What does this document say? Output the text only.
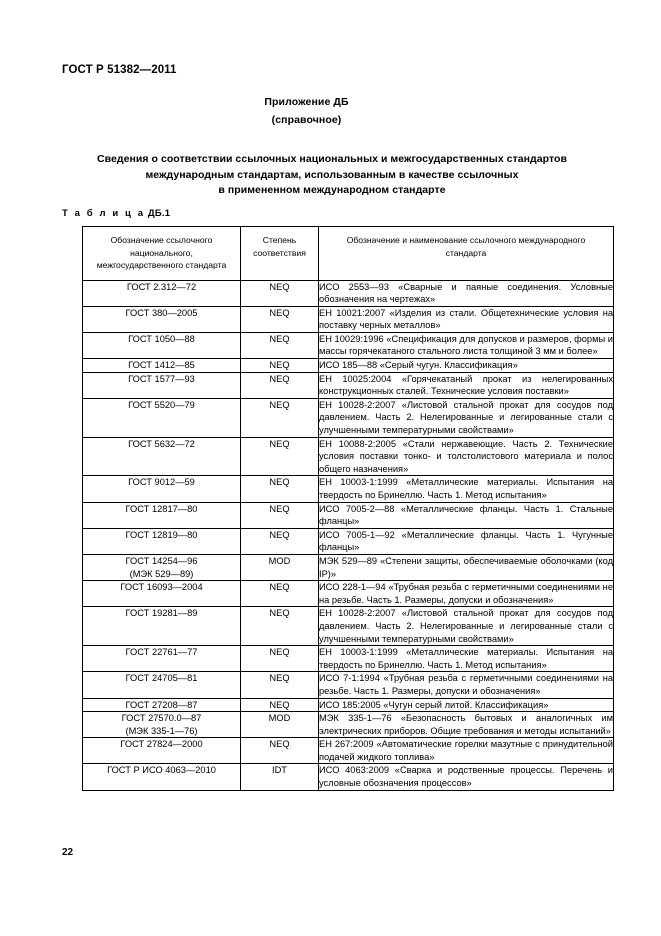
ГОСТ Р 51382—2011

Приложение ДБ

(справочное)

Сведения о соответствии ссылочных национальных и межгосударственных стандартов
международным стандартам, использованным в качестве ссылочных
в примененном международном стандарте
Т а б л и ц а ДБ.1
Обозначение ссылочного
национального,
межгосударственного стандарта	Степень
соответствия	Обозначение и наименование ссылочного международного
стандарта

ГОСТ 2.312—72	NEQ	ИСО 2553—93 «Сварные и паяные соединения. Условные обозначения на чертежах»

ГОСТ 380—2005	NEQ	ЕН 10021:2007 «Изделия из стали. Общетехнические условия на поставку черных металлов»

ГОСТ 1050—88	NEQ	ЕН 10029:1996 «Спецификация для допусков и размеров, формы и массы горячекатаного стального листа толщиной 3 мм и более»

ГОСТ 1412—85	NEQ	ИСО 185—88 «Серый чугун. Классификация»

ГОСТ 1577—93	NEQ	ЕН 10025:2004 «Горячекатаный прокат из нелегированных конструкционных сталей. Технические условия поставки»

ГОСТ 5520—79	NEQ	ЕН 10028-2:2007 «Листовой стальной прокат для сосудов под давлением. Часть 2. Нелегированные и легированные стали с улучшенными температурными свойствами»

ГОСТ 5632—72	NEQ	ЕН 10088-2:2005 «Стали нержавеющие. Часть 2. Технические условия поставки тонко- и толстолистового материала и полос общего назначения»

ГОСТ 9012—59	NEQ	ЕН 10003-1:1999 «Металлические материалы. Испытания на твердость по Бринеллю. Часть 1. Метод испытания»

ГОСТ 12817—80	NEQ	ИСО 7005-2—88 «Металлические фланцы. Часть 1. Стальные фланцы»

ГОСТ 12819—80	NEQ	ИСО 7005-1—92 «Металлические фланцы. Часть 1. Чугунные фланцы»

ГОСТ 14254—96
(МЭК 529—89)	MOD	МЭК 529—89 «Степени защиты, обеспечиваемые оболочками (код IP)»

ГОСТ 16093—2004	NEQ	ИСО 228-1—94 «Трубная резьба с герметичными соединениями не на резьбе. Часть 1. Размеры, допуски и обозначения»

ГОСТ 19281—89	NEQ	ЕН 10028-2:2007 «Листовой стальной прокат для сосудов под давлением. Часть 2. Нелегированные и легированные стали с улучшенными температурными свойствами»

ГОСТ 22761—77	NEQ	ЕН 10003-1:1999 «Металлические материалы. Испытания на твердость по Бринеллю. Часть 1. Метод испытания»

ГОСТ 24705—81	NEQ	ИСО 7-1:1994 «Трубная резьба с герметичными соединениями на резьбе. Часть 1. Размеры, допуски и обозначения»

ГОСТ 27208—87	NEQ	ИСО 185:2005 «Чугун серый литой. Классификация»

ГОСТ 27570.0—87
(МЭК 335-1—76)	MOD	МЭК 335-1—76 «Безопасность бытовых и аналогичных им электрических приборов. Общие требования и методы испытаний»

ГОСТ 27824—2000	NEQ	ЕН 267:2009 «Автоматические горелки мазутные с принудительной подачей жидкого топлива»

ГОСТ Р ИСО 4063—2010	IDT	ИСО 4063:2009 «Сварка и родственные процессы. Перечень и условные обозначения процессов»
22
